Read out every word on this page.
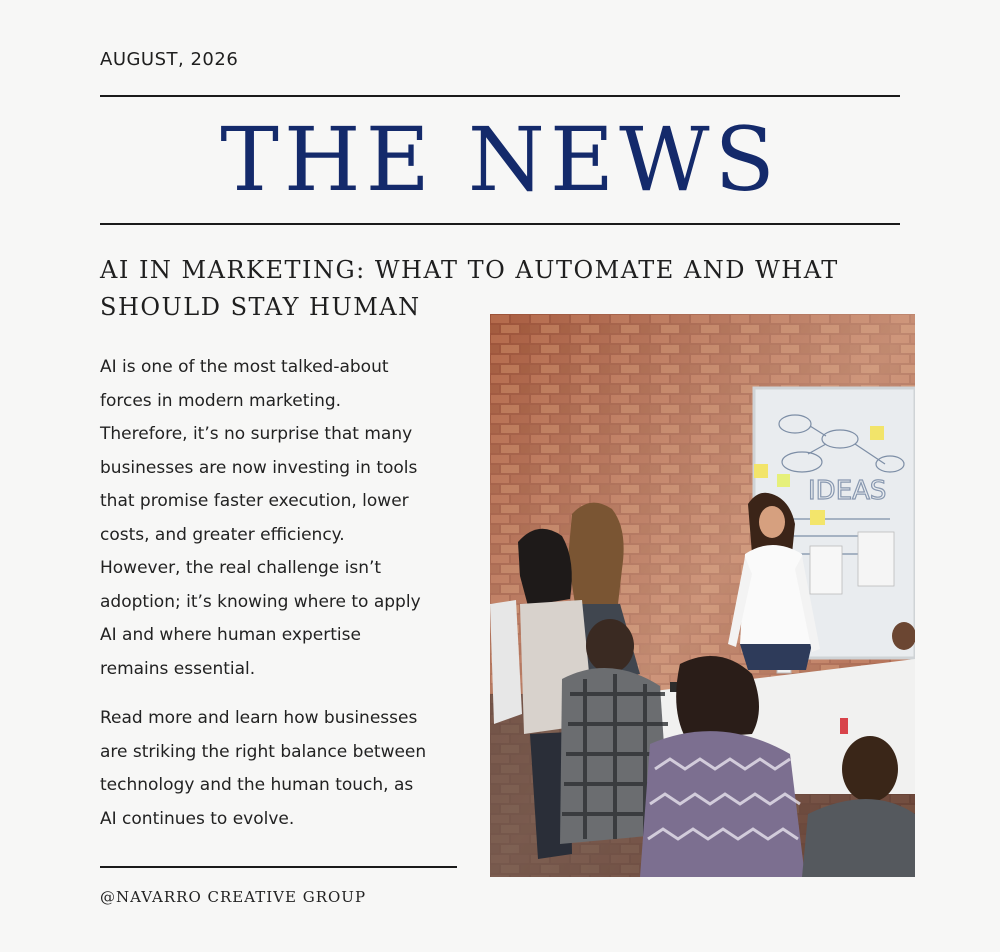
AUGUST, 2026
THE NEWS
AI IN MARKETING: WHAT TO AUTOMATE AND WHAT
SHOULD STAY HUMAN
AI is one of the most talked-about
forces in modern marketing.
Therefore, it’s no surprise that many
businesses are now investing in tools
that promise faster execution, lower
costs, and greater efficiency.
However, the real challenge isn’t
adoption; it’s knowing where to apply
AI and where human expertise
remains essential.
Read more and learn how businesses
are striking the right balance between
technology and the human touch, as
AI continues to evolve.
@NAVARRO CREATIVE GROUP
IDEAS
